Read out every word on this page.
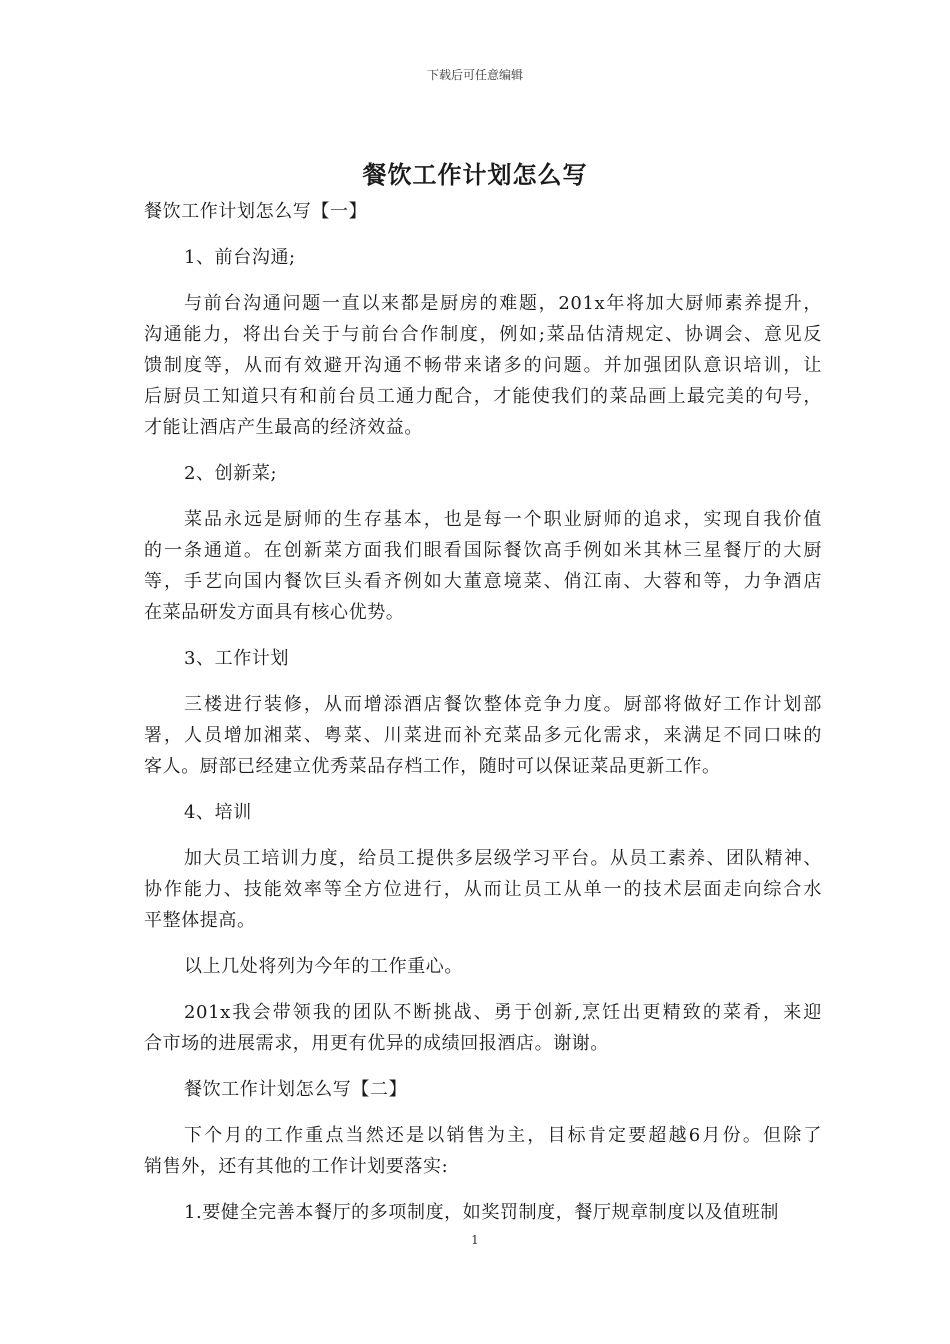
下载后可任意编辑
餐饮工作计划怎么写
餐饮工作计划怎么写【一】
1、前台沟通;
与前台沟通问题一直以来都是厨房的难题，201x年将加大厨师素养提升，
沟通能力，将出台关于与前台合作制度，例如;菜品估清规定、协调会、意见反
馈制度等，从而有效避开沟通不畅带来诸多的问题。并加强团队意识培训，让
后厨员工知道只有和前台员工通力配合，才能使我们的菜品画上最完美的句号，
才能让酒店产生最高的经济效益。
2、创新菜;
菜品永远是厨师的生存基本，也是每一个职业厨师的追求，实现自我价值
的一条通道。在创新菜方面我们眼看国际餐饮高手例如米其林三星餐厅的大厨
等，手艺向国内餐饮巨头看齐例如大董意境菜、俏江南、大蓉和等，力争酒店
在菜品研发方面具有核心优势。
3、工作计划
三楼进行装修，从而增添酒店餐饮整体竞争力度。厨部将做好工作计划部
署，人员增加湘菜、粤菜、川菜进而补充菜品多元化需求，来满足不同口味的
客人。厨部已经建立优秀菜品存档工作，随时可以保证菜品更新工作。
4、培训
加大员工培训力度，给员工提供多层级学习平台。从员工素养、团队精神、
协作能力、技能效率等全方位进行，从而让员工从单一的技术层面走向综合水
平整体提高。
以上几处将列为今年的工作重心。
201x我会带领我的团队不断挑战、勇于创新,烹饪出更精致的菜肴，来迎
合市场的进展需求，用更有优异的成绩回报酒店。谢谢。
餐饮工作计划怎么写【二】
下个月的工作重点当然还是以销售为主，目标肯定要超越6月份。但除了
销售外，还有其他的工作计划要落实:
1.要健全完善本餐厅的多项制度，如奖罚制度，餐厅规章制度以及值班制
1
